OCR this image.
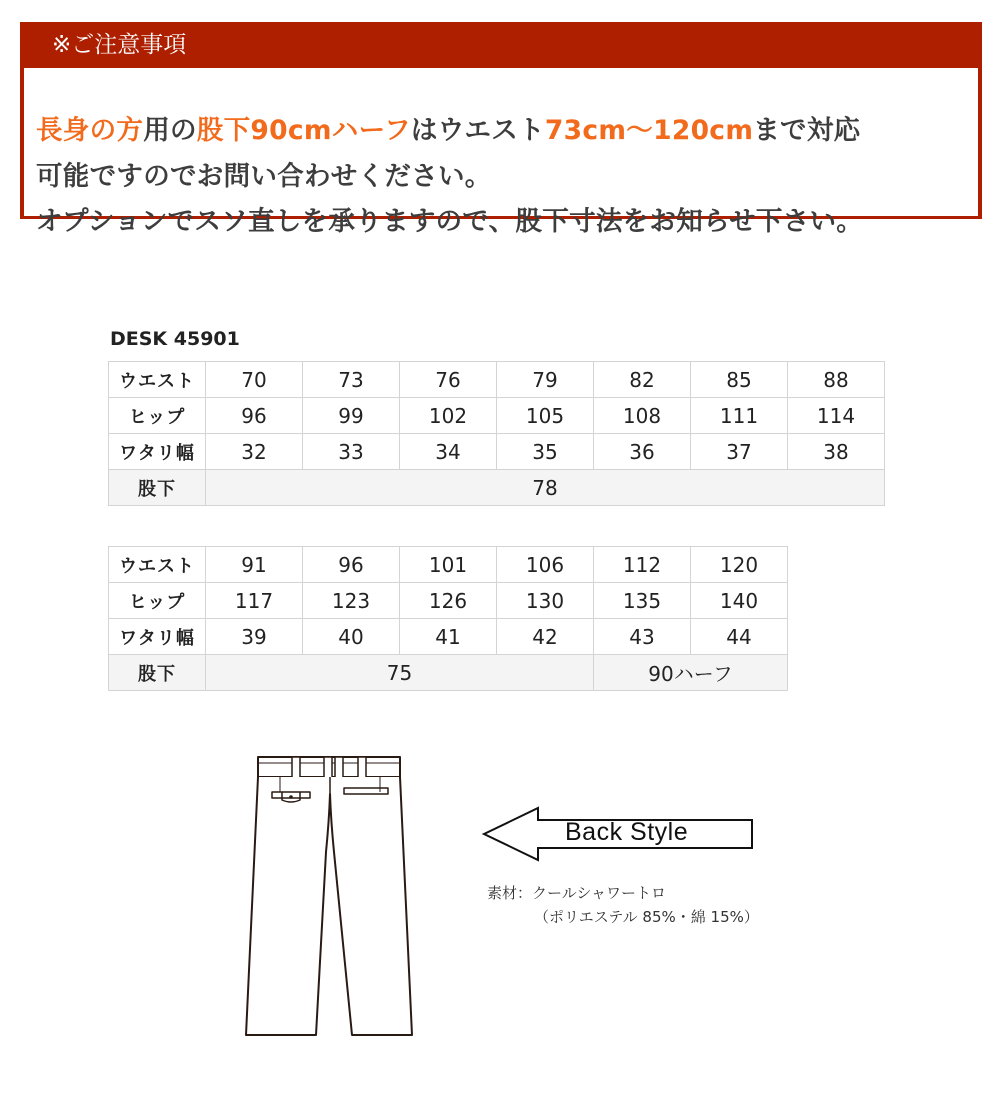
※ご注意事項
長身の方用の股下90cmハーフはウエスト73cm〜120cmまで対応
可能ですのでお問い合わせください。
オプションでスソ直しを承りますので、股下寸法をお知らせ下さい。
DESK 45901
ウエスト	70	73	76	79	82	85	88
ヒップ	96	99	102	105	108	111	114
ワタリ幅	32	33	34	35	36	37	38
股下	78						
ウエスト	91	96	101	106	112	120
ヒップ	117	123	126	130	135	140
ワタリ幅	39	40	41	42	43	44
股下	75				90ハーフ	
Back Style
素材：クールシャワートロ
（ポリエステル 85%・綿 15%）
